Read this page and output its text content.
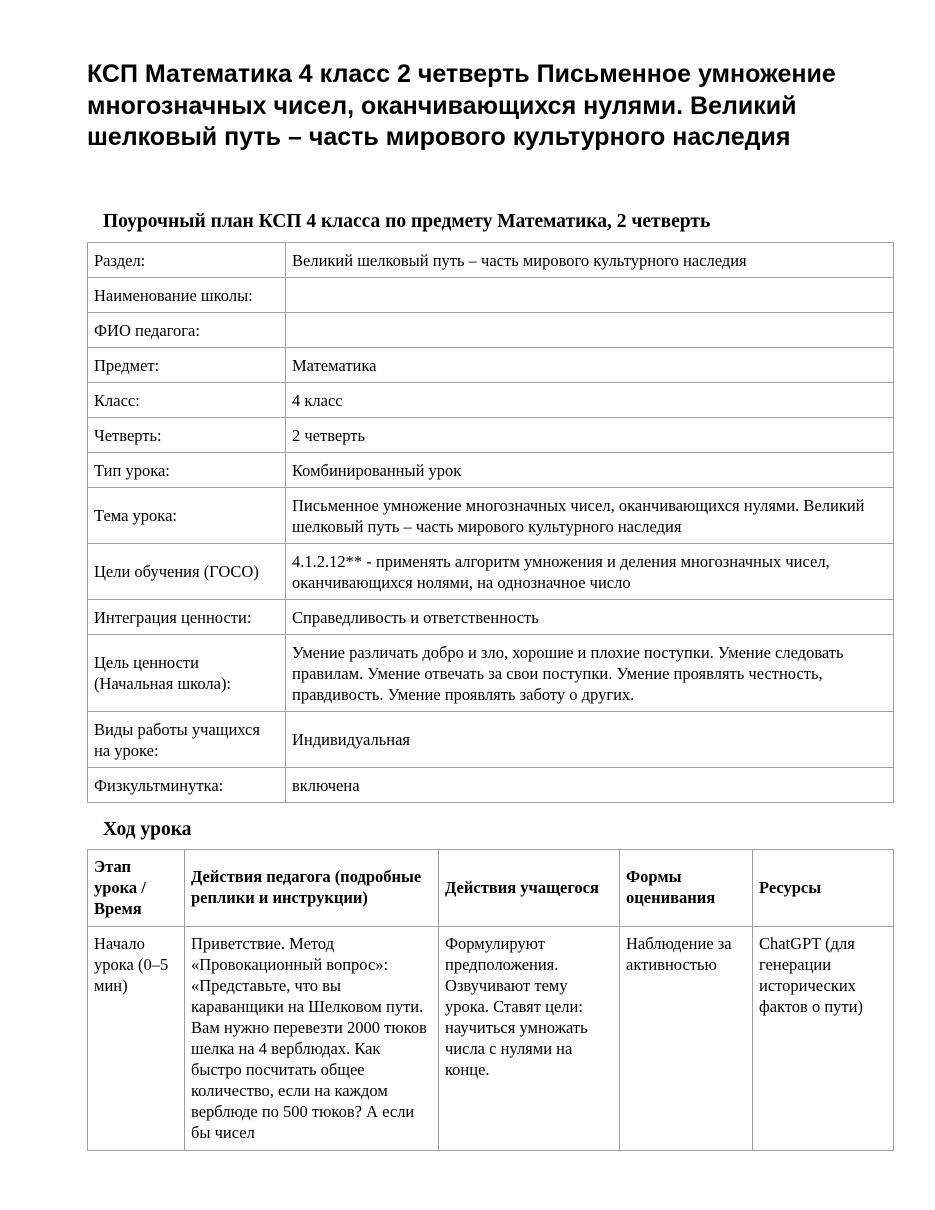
КСП Математика 4 класс 2 четверть Письменное умножение многозначных чисел, оканчивающихся нулями. Великий шелковый путь – часть мирового культурного наследия
Поурочный план КСП 4 класса по предмету Математика, 2 четверть
Раздел:	Великий шелковый путь – часть мирового культурного наследия
Наименование школы:	
ФИО педагога:	
Предмет:	Математика
Класс:	4 класс
Четверть:	2 четверть
Тип урока:	Комбинированный урок
Тема урока:	Письменное умножение многозначных чисел, оканчивающихся нулями. Великий шелковый путь – часть мирового культурного наследия
Цели обучения (ГОСО)	4.1.2.12** - применять алгоритм умножения и деления многозначных чисел, оканчивающихся нолями, на однозначное число
Интеграция ценности:	Справедливость и ответственность
Цель ценности (Начальная школа):	Умение различать добро и зло, хорошие и плохие поступки. Умение следовать правилам. Умение отвечать за свои поступки. Умение проявлять честность, правдивость. Умение проявлять заботу о других.
Виды работы учащихся на уроке:	Индивидуальная
Физкультминутка:	включена
Ход урока
Этап урока / Время	Действия педагога (подробные реплики и инструкции)	Действия учащегося	Формы оценивания	Ресурсы
Начало урока (0–5 мин)	Приветствие. Метод «Провокационный вопрос»: «Представьте, что вы караванщики на Шелковом пути. Вам нужно перевезти 2000 тюков шелка на 4 верблюдах. Как быстро посчитать общее количество, если на каждом верблюде по 500 тюков? А если бы чисел	Формулируют предположения. Озвучивают тему урока. Ставят цели: научиться умножать числа с нулями на конце.	Наблюдение за активностью	ChatGPT (для генерации исторических фактов о пути)
